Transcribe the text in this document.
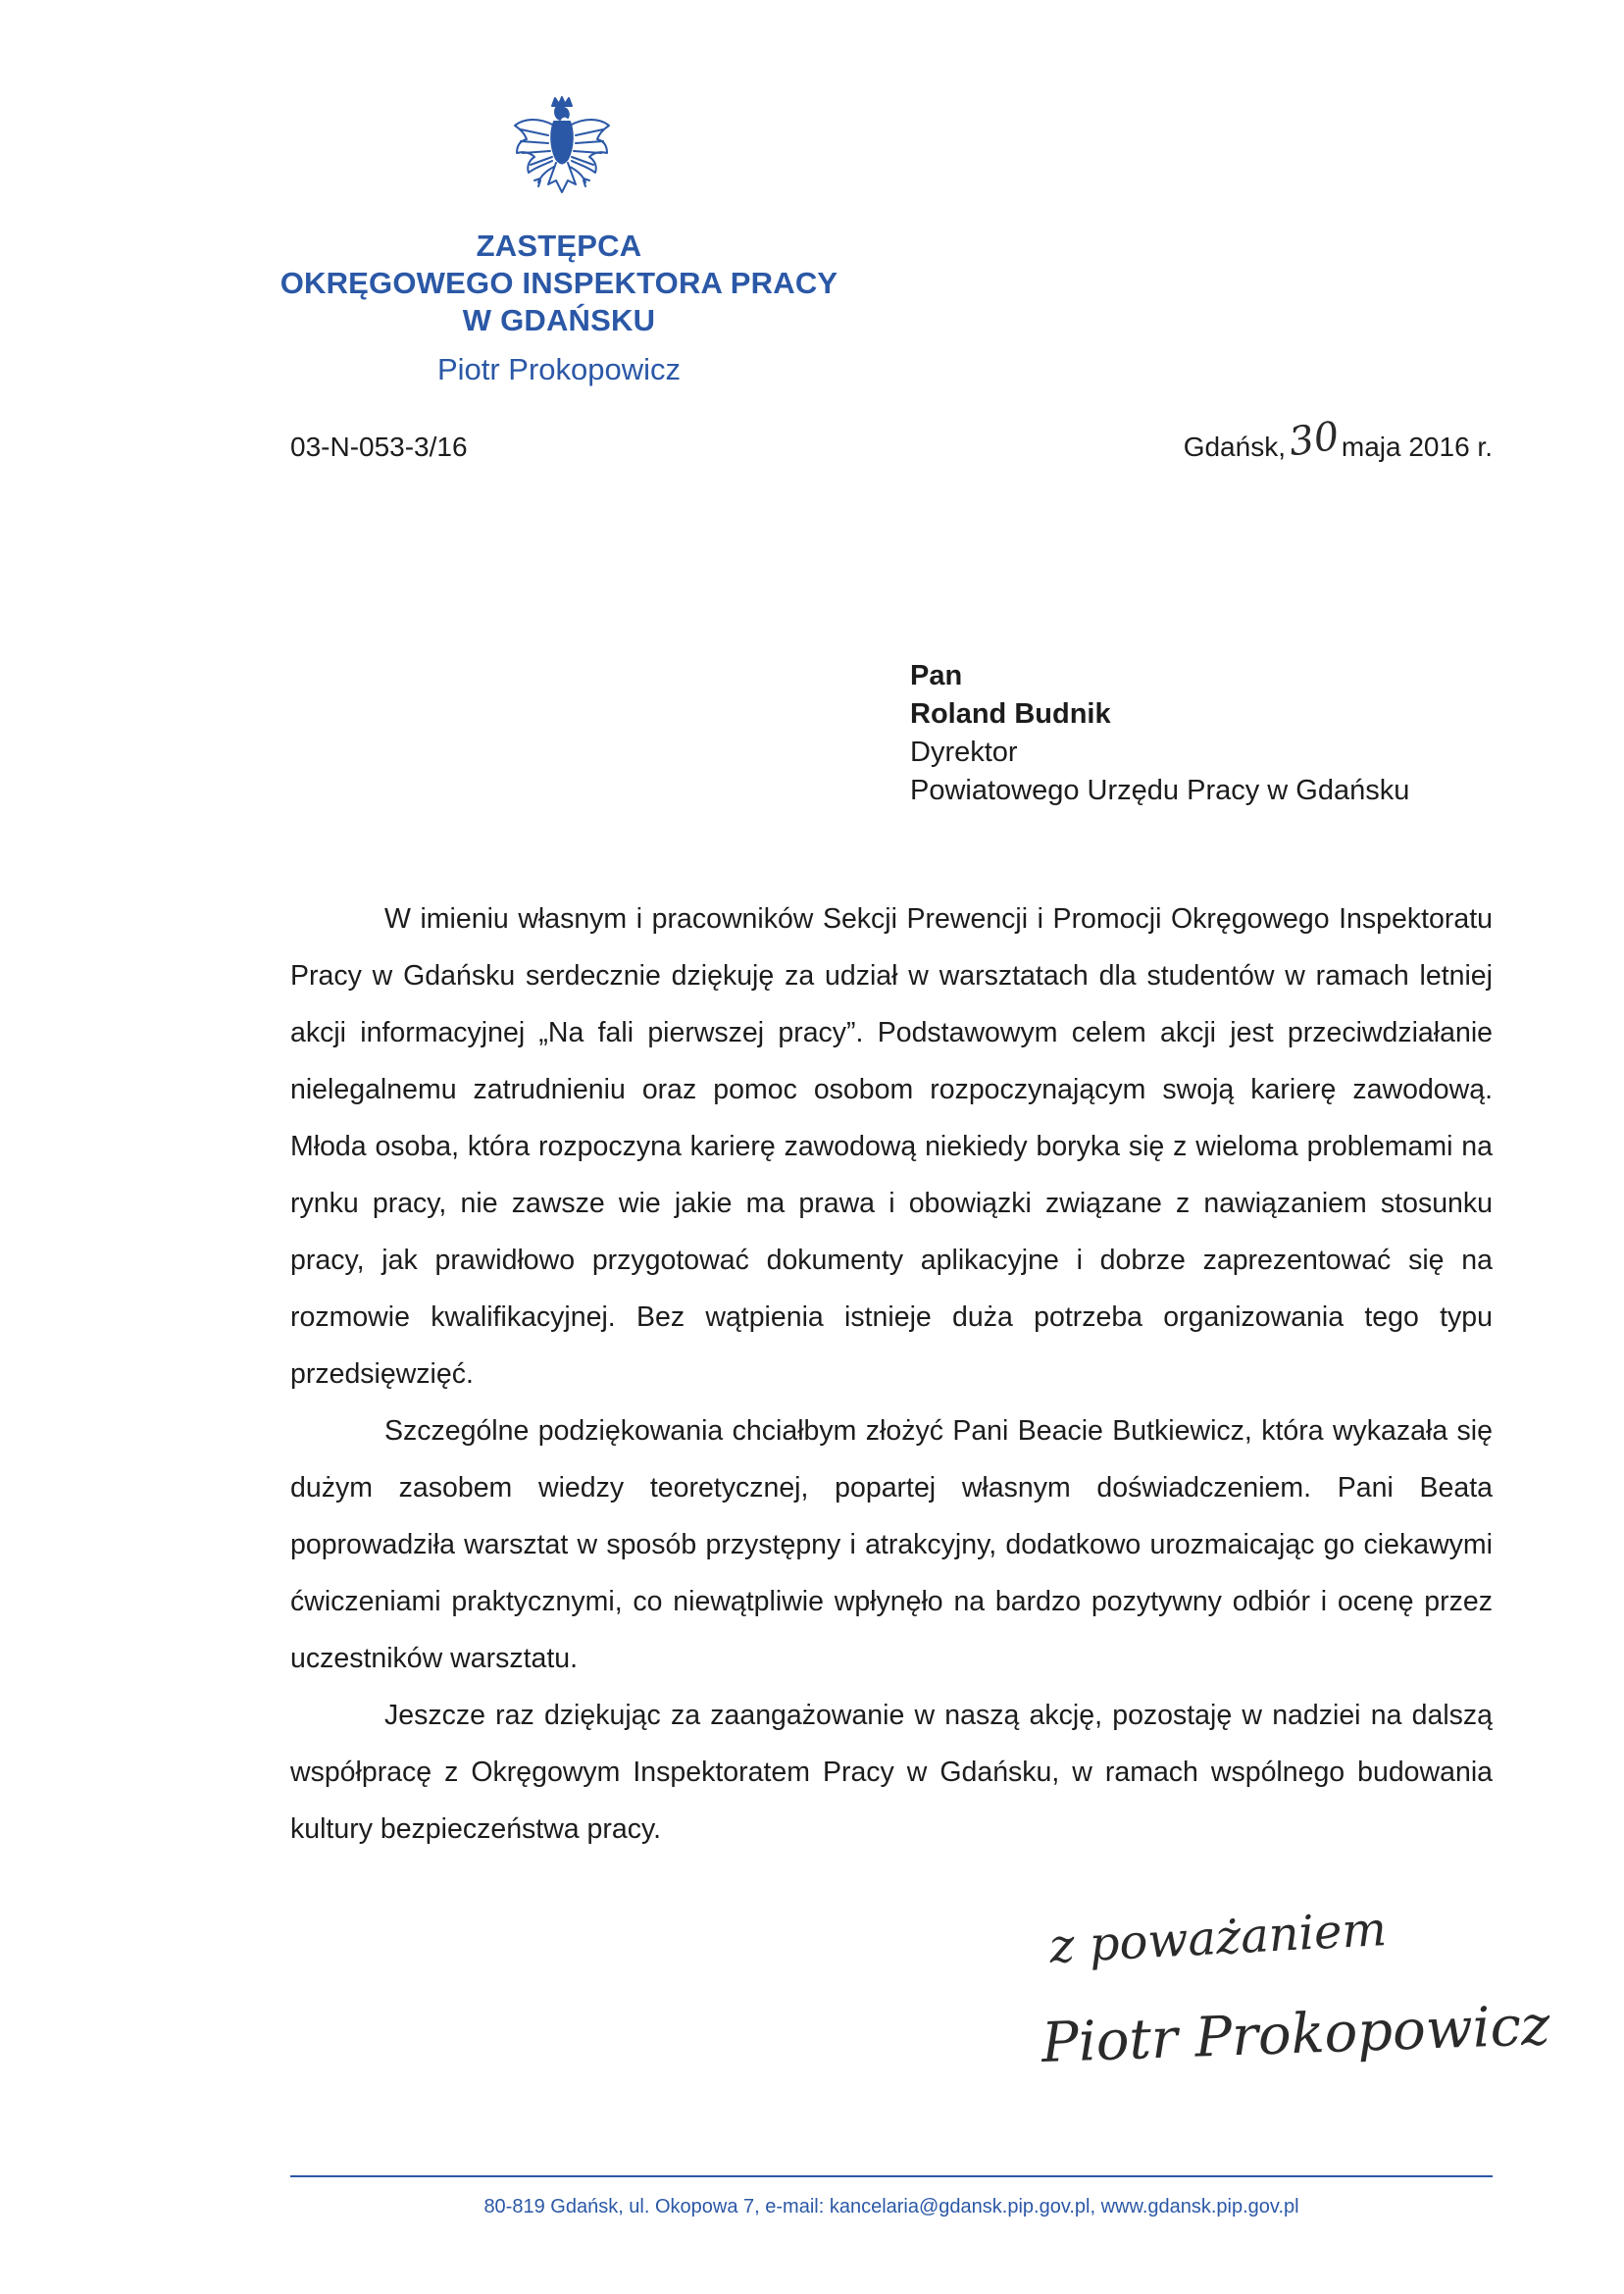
ZASTĘPCA
OKRĘGOWEGO INSPEKTORA PRACY
W GDAŃSKU
Piotr Prokopowicz
03-N-053-3/16	Gdańsk,30maja 2016 r.
Pan
Roland Budnik
Dyrektor
Powiatowego Urzędu Pracy w Gdańsku

W imieniu własnym i pracowników Sekcji Prewencji i Promocji Okręgowego Inspektoratu Pracy w Gdańsku serdecznie dziękuję za udział w warsztatach dla studentów w ramach letniej akcji informacyjnej „Na fali pierwszej pracy”. Podstawowym celem akcji jest przeciwdziałanie nielegalnemu zatrudnieniu oraz pomoc osobom rozpoczynającym swoją karierę zawodową. Młoda osoba, która rozpoczyna karierę zawodową niekiedy boryka się z wieloma problemami na rynku pracy, nie zawsze wie jakie ma prawa i obowiązki związane z nawiązaniem stosunku pracy, jak prawidłowo przygotować dokumenty aplikacyjne i dobrze zaprezentować się na rozmowie kwalifikacyjnej. Bez wątpienia istnieje duża potrzeba organizowania tego typu przedsięwzięć.

Szczególne podziękowania chciałbym złożyć Pani Beacie Butkiewicz, która wykazała się dużym zasobem wiedzy teoretycznej, popartej własnym doświadczeniem. Pani Beata poprowadziła warsztat w sposób przystępny i atrakcyjny, dodatkowo urozmaicając go ciekawymi ćwiczeniami praktycznymi, co niewątpliwie wpłynęło na bardzo pozytywny odbiór i ocenę przez uczestników warsztatu.

Jeszcze raz dziękując za zaangażowanie w naszą akcję, pozostaję w nadziei na dalszą współpracę z Okręgowym Inspektoratem Pracy w Gdańsku, w ramach wspólnego budowania kultury bezpieczeństwa pracy.

z poważaniem
Piotr Prokopowicz
80-819 Gdańsk, ul. Okopowa 7, e-mail: kancelaria@gdansk.pip.gov.pl, www.gdansk.pip.gov.pl
